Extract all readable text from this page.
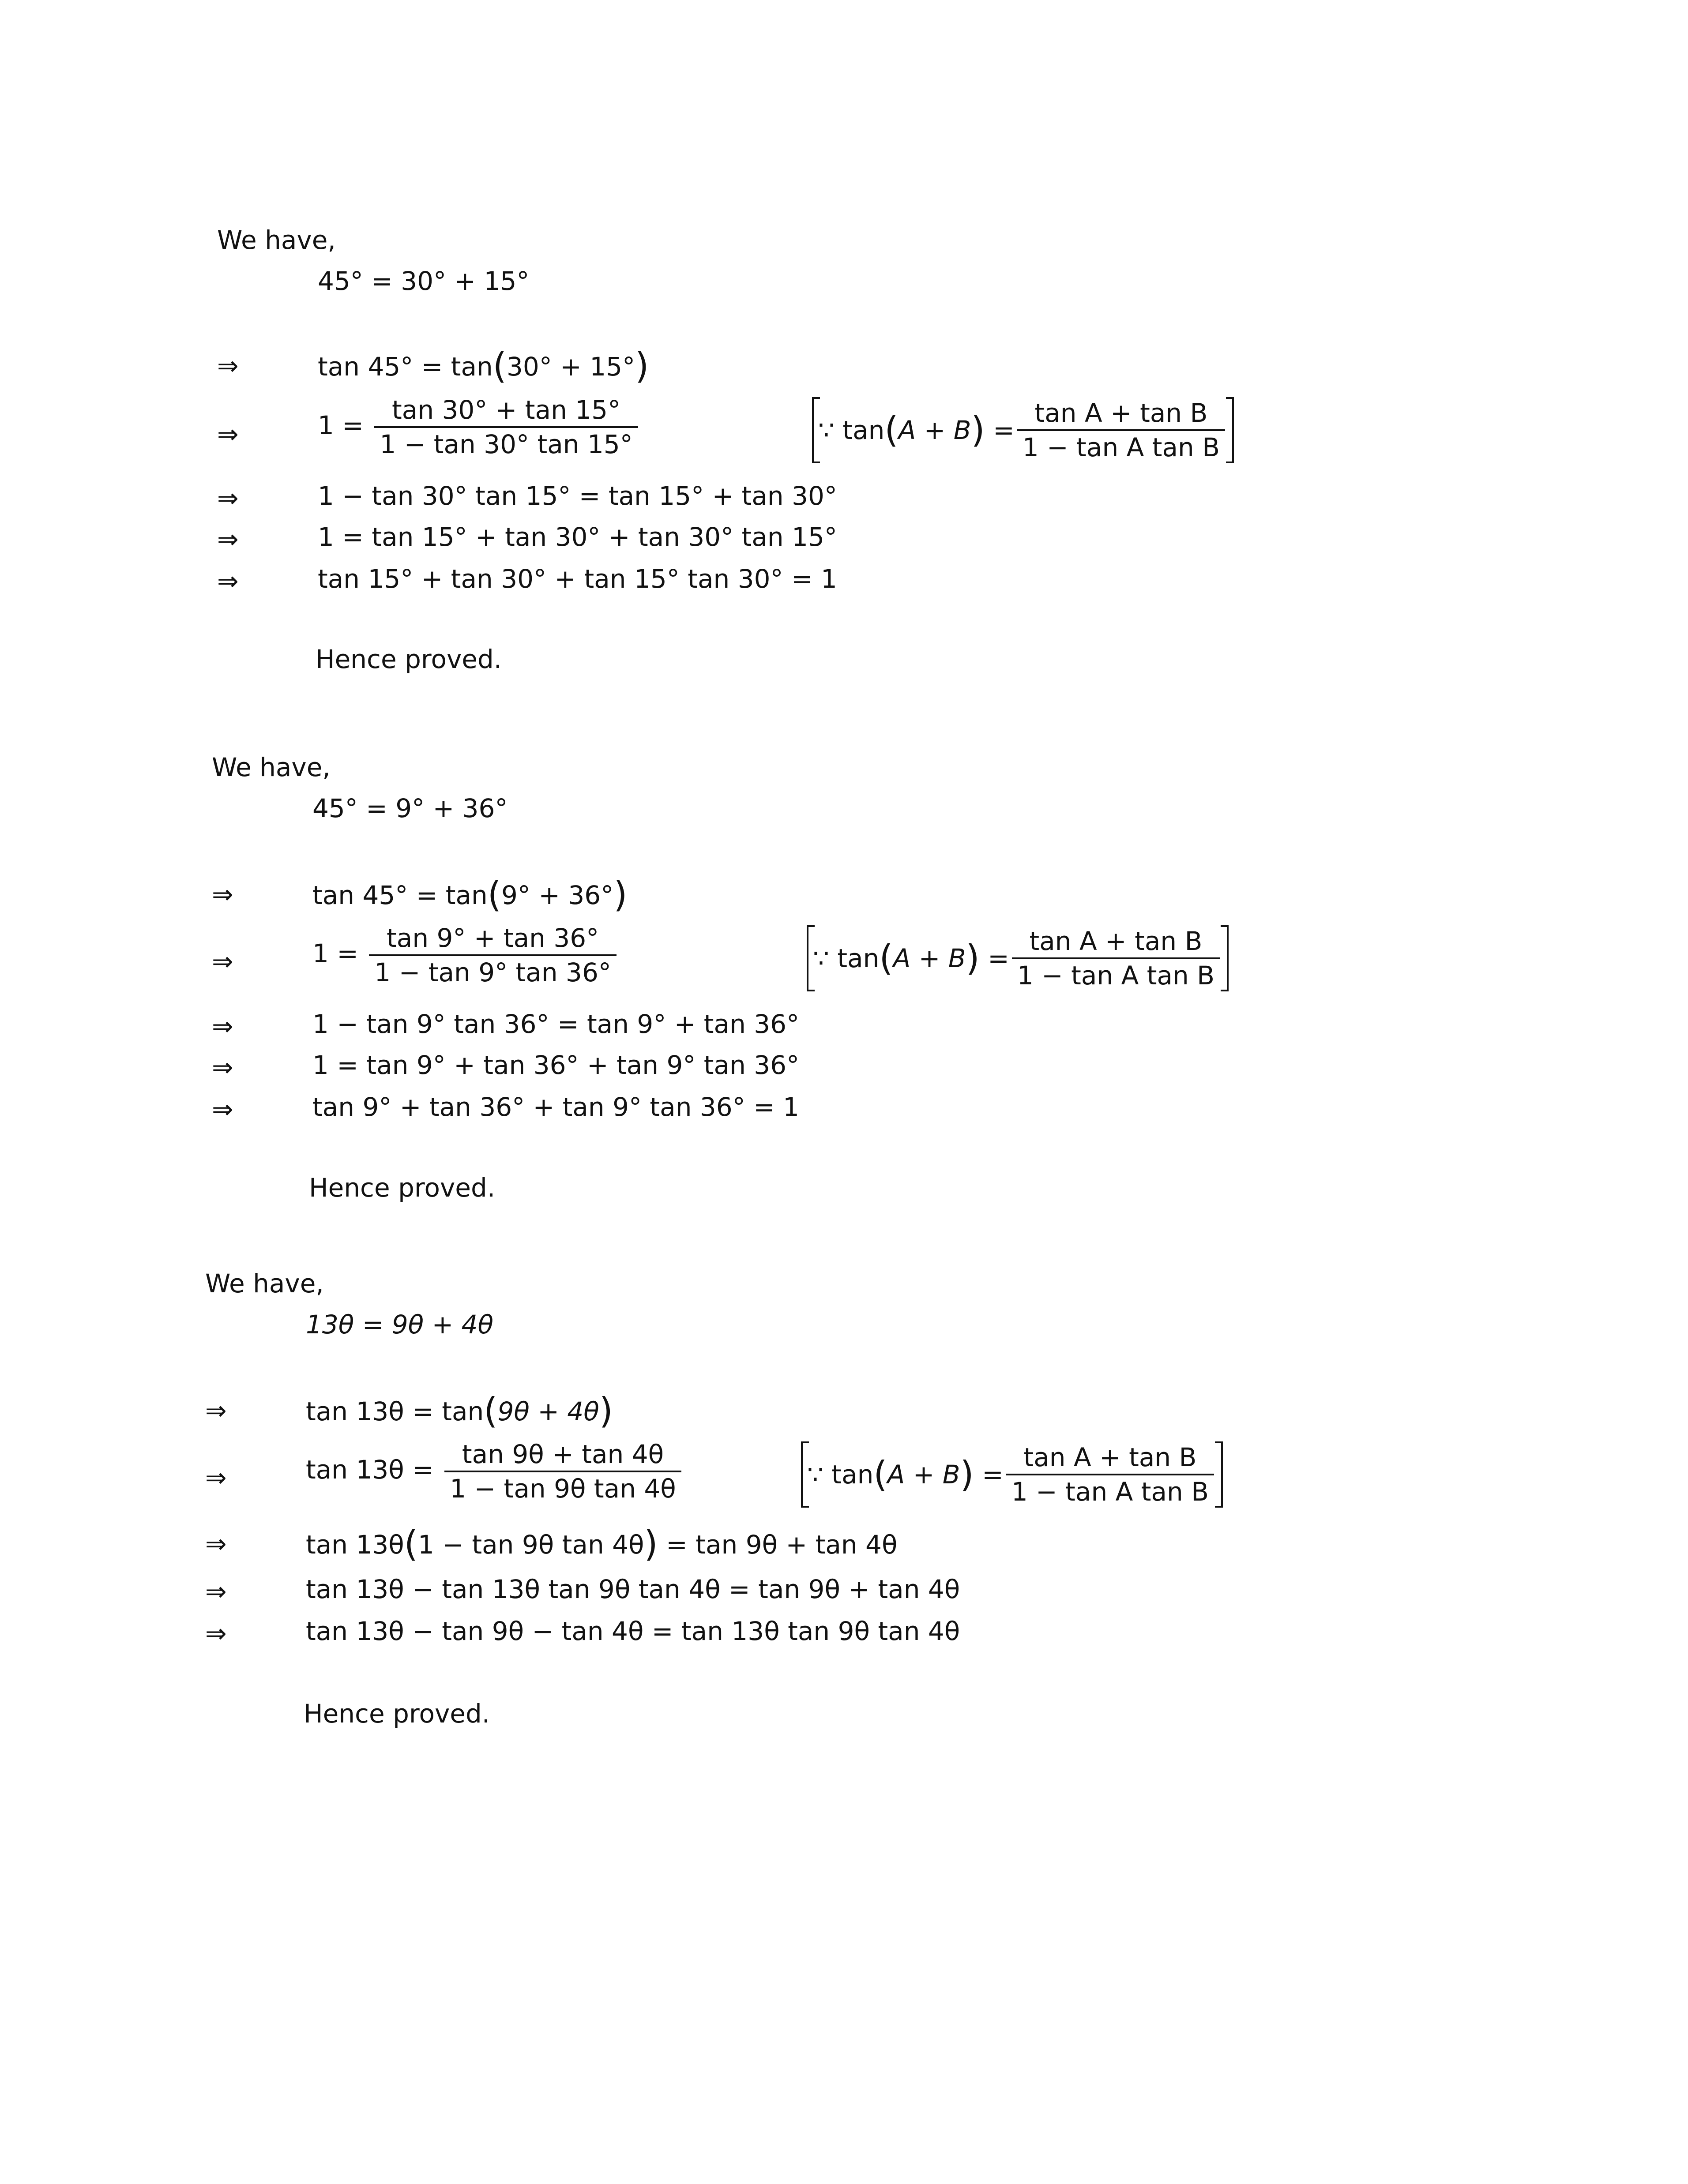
We have,
45° = 30° + 15°
⇒	tan 45° = tan(30° + 15°)
⇒	$1 = \frac{\tan 30^\circ + \tan 15^\circ}{1 - \tan 30^\circ \tan 15^\circ}$	∵
tan ( A + B )
= $\frac{\text{tan A + tan B}}{\text{1 − tan A tan B}}$
⇒	1 − tan 30° tan 15° = tan 15° + tan 30°
⇒	1 = tan 15° + tan 30° + tan 30° tan 15°
⇒	tan 15° + tan 30° + tan 15° tan 30° = 1
Hence proved.
We have,
45° = 9° + 36°
⇒	tan 45° = tan(9° + 36°)
⇒	$1 = \frac{\tan 9^\circ + \tan 36^\circ}{1 - \tan 9^\circ \tan 36^\circ}$	∵
tan ( A + B )
= $\frac{\text{tan A + tan B}}{\text{1 − tan A tan B}}$
⇒	1 − tan 9° tan 36° = tan 9° + tan 36°
⇒	1 = tan 9° + tan 36° + tan 9° tan 36°
⇒	tan 9° + tan 36° + tan 9° tan 36° = 1
Hence proved.
We have,
13θ = 9θ + 4θ
⇒	tan 13θ = tan(9θ + 4θ)
⇒	$\tan 13\theta = \frac{\tan 9\theta + \tan 4\theta}{\text{1 − tan 9θ tan 4θ}}$	∵
tan ( A + B )
= $\frac{\text{tan A + tan B}}{\text{1 − tan A tan B}}$
⇒	tan 13θ(1 − tan 9θ tan 4θ) = tan 9θ + tan 4θ
⇒	tan 13θ − tan 13θ tan 9θ tan 4θ = tan 9θ + tan 4θ
⇒	tan 13θ − tan 9θ − tan 4θ = tan 13θ tan 9θ tan 4θ
Hence proved.
